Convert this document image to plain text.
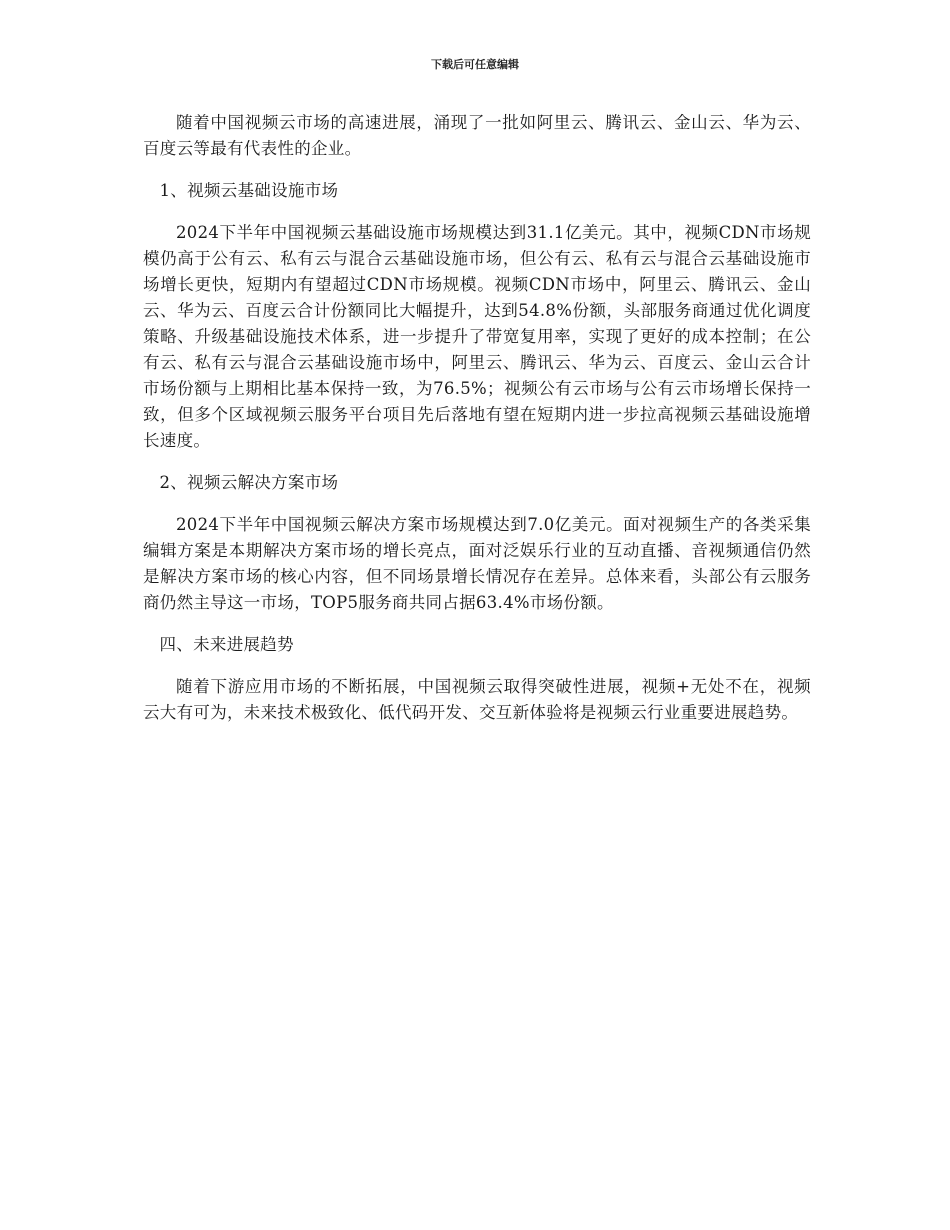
下载后可任意编辑

随着中国视频云市场的高速进展，涌现了一批如阿里云、腾讯云、金山云、华为云、百度云等最有代表性的企业。

1、视频云基础设施市场

2024下半年中国视频云基础设施市场规模达到31.1亿美元。其中，视频CDN市场规模仍高于公有云、私有云与混合云基础设施市场，但公有云、私有云与混合云基础设施市场增长更快，短期内有望超过CDN市场规模。视频CDN市场中，阿里云、腾讯云、金山云、华为云、百度云合计份额同比大幅提升，达到54.8%份额，头部服务商通过优化调度策略、升级基础设施技术体系，进一步提升了带宽复用率，实现了更好的成本控制；在公有云、私有云与混合云基础设施市场中，阿里云、腾讯云、华为云、百度云、金山云合计市场份额与上期相比基本保持一致，为76.5%；视频公有云市场与公有云市场增长保持一致，但多个区域视频云服务平台项目先后落地有望在短期内进一步拉高视频云基础设施增长速度。

2、视频云解决方案市场

2024下半年中国视频云解决方案市场规模达到7.0亿美元。面对视频生产的各类采集编辑方案是本期解决方案市场的增长亮点，面对泛娱乐行业的互动直播、音视频通信仍然是解决方案市场的核心内容，但不同场景增长情况存在差异。总体来看，头部公有云服务商仍然主导这一市场，TOP5服务商共同占据63.4%市场份额。

四、未来进展趋势

随着下游应用市场的不断拓展，中国视频云取得突破性进展，视频+无处不在，视频云大有可为，未来技术极致化、低代码开发、交互新体验将是视频云行业重要进展趋势。
